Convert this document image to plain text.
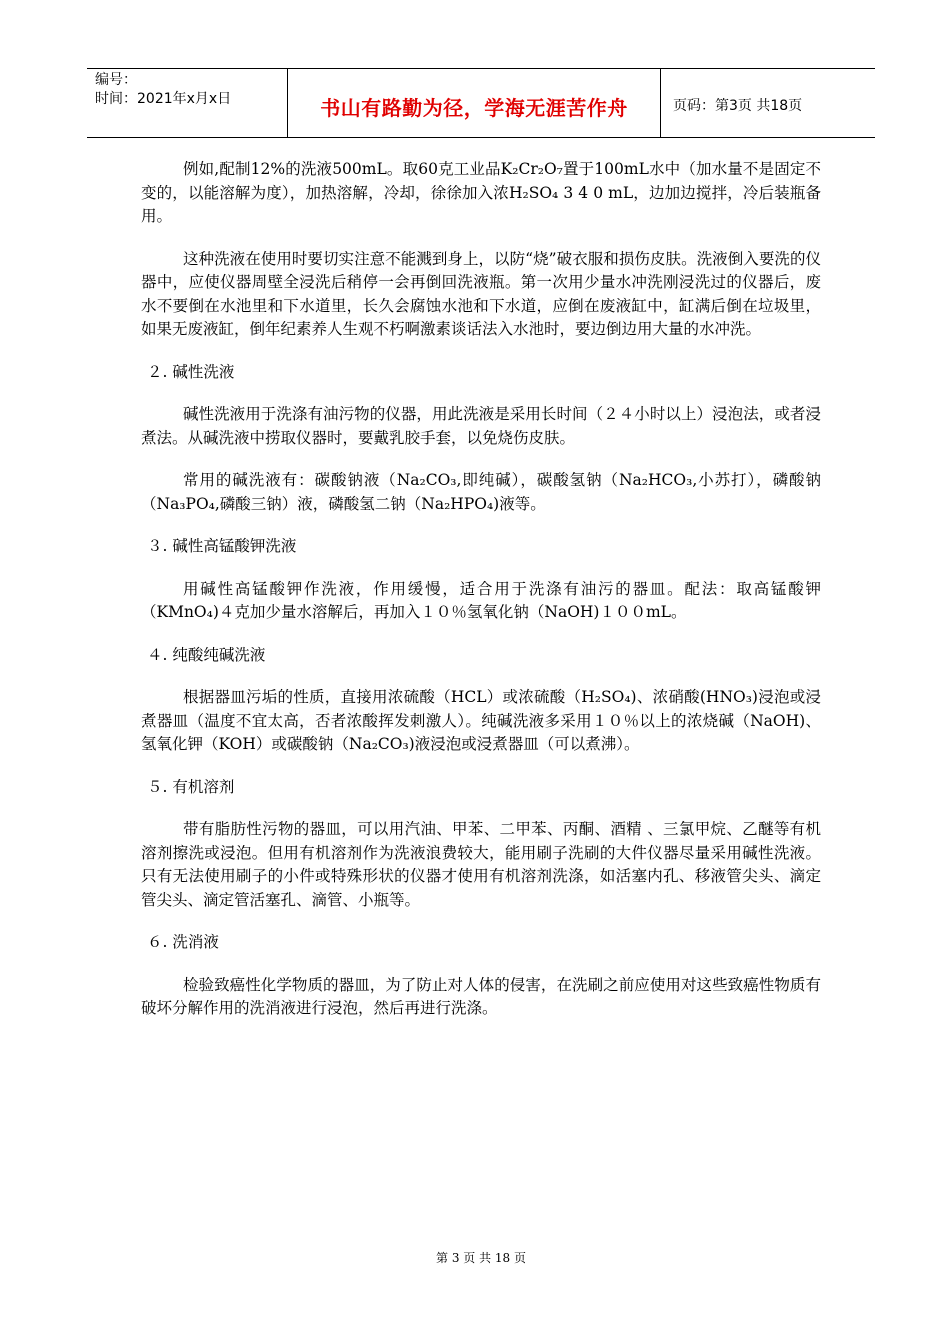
编号：
时间：2021年x月x日	书山有路勤为径，学海无涯苦作舟	页码：第3页 共18页

例如,配制12%的洗液500mL。取60克工业品K₂Cr₂O₇置于100mL水中（加水量不是固定不变的，以能溶解为度），加热溶解，冷却，徐徐加入浓H₂SO₄ 3 4 0 mL，边加边搅拌，冷后装瓶备用。

这种洗液在使用时要切实注意不能溅到身上，以防“烧”破衣服和损伤皮肤。洗液倒入要洗的仪器中，应使仪器周壁全浸洗后稍停一会再倒回洗液瓶。第一次用少量水冲洗刚浸洗过的仪器后，废水不要倒在水池里和下水道里，长久会腐蚀水池和下水道，应倒在废液缸中，缸满后倒在垃圾里，如果无废液缸，倒年纪素养人生观不朽啊激素谈话法入水池时，要边倒边用大量的水冲洗。

２. 碱性洗液

碱性洗液用于洗涤有油污物的仪器，用此洗液是采用长时间（２４小时以上）浸泡法，或者浸煮法。从碱洗液中捞取仪器时，要戴乳胶手套，以免烧伤皮肤。

常用的碱洗液有：碳酸钠液（Na₂CO₃,即纯碱），碳酸氢钠（Na₂HCO₃,小苏打），磷酸钠（Na₃PO₄,磷酸三钠）液，磷酸氢二钠（Na₂HPO₄)液等。

３. 碱性高锰酸钾洗液

用碱性高锰酸钾作洗液，作用缓慢，适合用于洗涤有油污的器皿。配法：取高锰酸钾（KMnO₄)４克加少量水溶解后，再加入１０％氢氧化钠（NaOH)１００mL。

４. 纯酸纯碱洗液

根据器皿污垢的性质，直接用浓硫酸（HCL）或浓硫酸（H₂SO₄)、浓硝酸(HNO₃)浸泡或浸煮器皿（温度不宜太高，否者浓酸挥发刺激人）。纯碱洗液多采用１０％以上的浓烧碱（NaOH)、氢氧化钾（KOH）或碳酸钠（Na₂CO₃)液浸泡或浸煮器皿（可以煮沸）。

５. 有机溶剂

带有脂肪性污物的器皿，可以用汽油、甲苯、二甲苯、丙酮、酒精 、三氯甲烷、乙醚等有机溶剂擦洗或浸泡。但用有机溶剂作为洗液浪费较大，能用刷子洗刷的大件仪器尽量采用碱性洗液。只有无法使用刷子的小件或特殊形状的仪器才使用有机溶剂洗涤，如活塞内孔、移液管尖头、滴定管尖头、滴定管活塞孔、滴管、小瓶等。

６. 洗消液

检验致癌性化学物质的器皿，为了防止对人体的侵害，在洗刷之前应使用对这些致癌性物质有破坏分解作用的洗消液进行浸泡，然后再进行洗涤。

第 3 页 共 18 页
